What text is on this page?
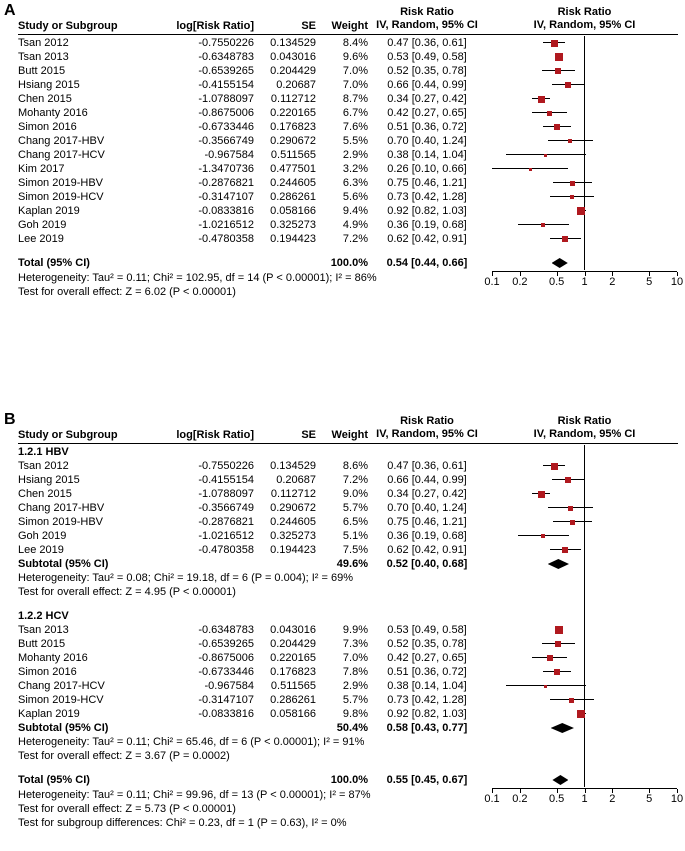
A
Study or Subgroup	log[Risk Ratio]	SE	Weight
Risk Ratio
IV, Random, 95% CI
Risk Ratio
IV, Random, 95% CI
Tsan 2012	-0.7550226	0.134529	8.4%	0.47 [0.36, 0.61]
Tsan 2013	-0.6348783	0.043016	9.6%	0.53 [0.49, 0.58]
Butt 2015	-0.6539265	0.204429	7.0%	0.52 [0.35, 0.78]
Hsiang 2015	-0.4155154	0.20687	7.0%	0.66 [0.44, 0.99]
Chen 2015	-1.0788097	0.112712	8.7%	0.34 [0.27, 0.42]
Mohanty 2016	-0.8675006	0.220165	6.7%	0.42 [0.27, 0.65]
Simon 2016	-0.6733446	0.176823	7.6%	0.51 [0.36, 0.72]
Chang 2017-HBV	-0.3566749	0.290672	5.5%	0.70 [0.40, 1.24]
Chang 2017-HCV	-0.967584	0.511565	2.9%	0.38 [0.14, 1.04]
Kim 2017	-1.3470736	0.477501	3.2%	0.26 [0.10, 0.66]
Simon 2019-HBV	-0.2876821	0.244605	6.3%	0.75 [0.46, 1.21]
Simon 2019-HCV	-0.3147107	0.286261	5.6%	0.73 [0.42, 1.28]
Kaplan 2019	-0.0833816	0.058166	9.4%	0.92 [0.82, 1.03]
Goh 2019	-1.0216512	0.325273	4.9%	0.36 [0.19, 0.68]
Lee 2019	-0.4780358	0.194423	7.2%	0.62 [0.42, 0.91]
Total (95% CI)	100.0%	0.54 [0.44, 0.66]
Heterogeneity: Tau² = 0.11; Chi² = 102.95, df = 14 (P < 0.00001); I² = 86%
Test for overall effect: Z = 6.02 (P < 0.00001)
0.1 0.2 0.5 1 2	5 10
B
Study or Subgroup	log[Risk Ratio]	SE	Weight
Risk Ratio
IV, Random, 95% CI
Risk Ratio
IV, Random, 95% CI
1.2.1 HBV
Tsan 2012	-0.7550226	0.134529	8.6%	0.47 [0.36, 0.61]
Hsiang 2015	-0.4155154	0.20687	7.2%	0.66 [0.44, 0.99]
Chen 2015	-1.0788097	0.112712	9.0%	0.34 [0.27, 0.42]
Chang 2017-HBV	-0.3566749	0.290672	5.7%	0.70 [0.40, 1.24]
Simon 2019-HBV	-0.2876821	0.244605	6.5%	0.75 [0.46, 1.21]
Goh 2019	-1.0216512	0.325273	5.1%	0.36 [0.19, 0.68]
Lee 2019	-0.4780358	0.194423	7.5%	0.62 [0.42, 0.91]
Subtotal (95% CI)	49.6%	0.52 [0.40, 0.68]
Heterogeneity: Tau² = 0.08; Chi² = 19.18, df = 6 (P = 0.004); I² = 69%
Test for overall effect: Z = 4.95 (P < 0.00001)
1.2.2 HCV
Tsan 2013	-0.6348783	0.043016	9.9%	0.53 [0.49, 0.58]
Butt 2015	-0.6539265	0.204429	7.3%	0.52 [0.35, 0.78]
Mohanty 2016	-0.8675006	0.220165	7.0%	0.42 [0.27, 0.65]
Simon 2016	-0.6733446	0.176823	7.8%	0.51 [0.36, 0.72]
Chang 2017-HCV	-0.967584	0.511565	2.9%	0.38 [0.14, 1.04]
Simon 2019-HCV	-0.3147107	0.286261	5.7%	0.73 [0.42, 1.28]
Kaplan 2019	-0.0833816	0.058166	9.8%	0.92 [0.82, 1.03]
Subtotal (95% CI)	50.4%	0.58 [0.43, 0.77]
Heterogeneity: Tau² = 0.11; Chi² = 65.46, df = 6 (P < 0.00001); I² = 91%
Test for overall effect: Z = 3.67 (P = 0.0002)
Total (95% CI)	100.0%	0.55 [0.45, 0.67]
Heterogeneity: Tau² = 0.11; Chi² = 99.96, df = 13 (P < 0.00001); I² = 87%
Test for overall effect: Z = 5.73 (P < 0.00001)
Test for subgroup differences: Chi² = 0.23, df = 1 (P = 0.63), I² = 0%
0.1 0.2 0.5 1 2	5 10
